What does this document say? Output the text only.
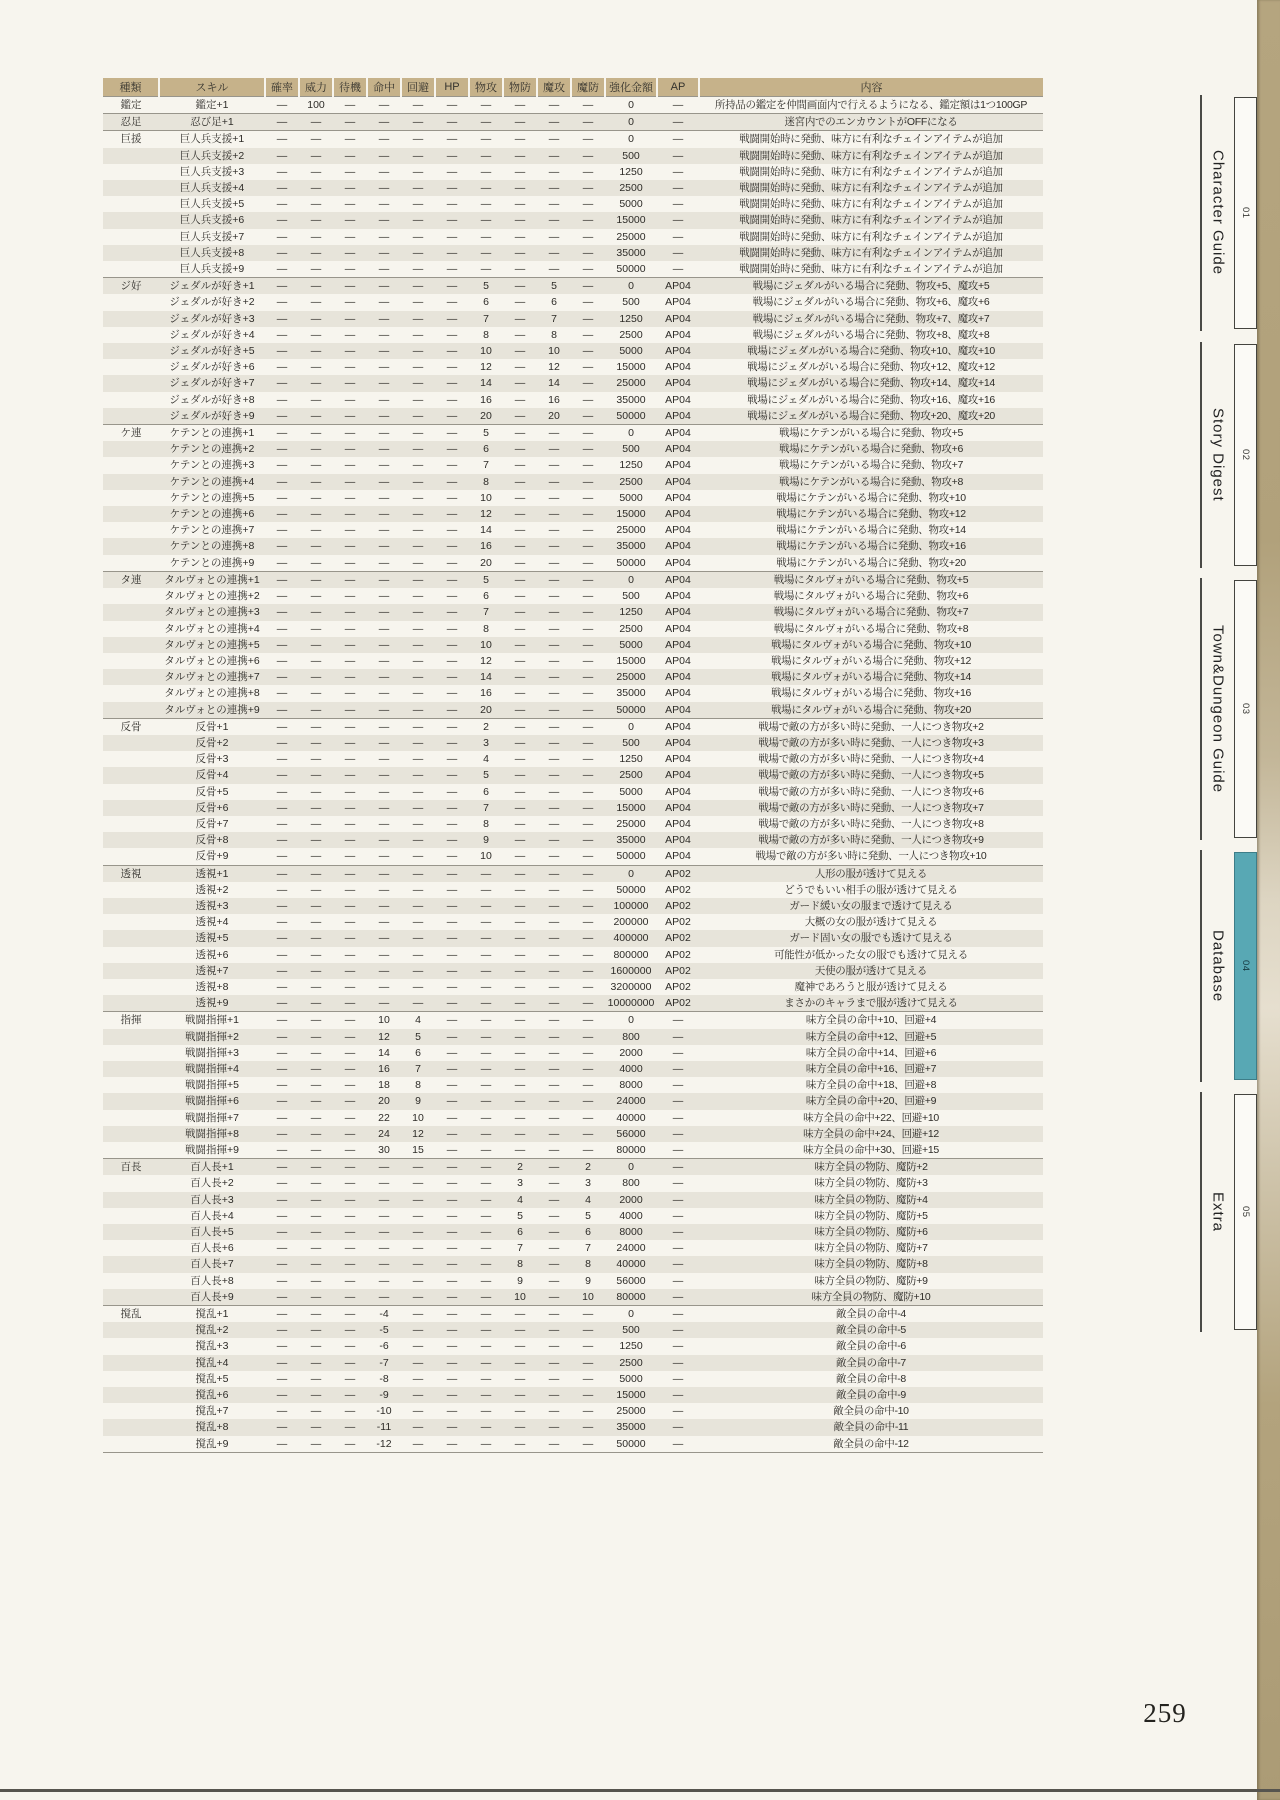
種類	スキル	確率	威力	待機	命中	回避	HP	物攻	物防	魔攻	魔防	強化金額	AP	内容
鑑定	鑑定+1	—	100	—	—	—	—	—	—	—	—	0	—	所持品の鑑定を仲間画面内で行えるようになる、鑑定額は1つ100GP
忍足	忍び足+1	—	—	—	—	—	—	—	—	—	—	0	—	迷宮内でのエンカウントがOFFになる
巨援	巨人兵支援+1	—	—	—	—	—	—	—	—	—	—	0	—	戦闘開始時に発動、味方に有利なチェインアイテムが追加
	巨人兵支援+2	—	—	—	—	—	—	—	—	—	—	500	—	戦闘開始時に発動、味方に有利なチェインアイテムが追加
	巨人兵支援+3	—	—	—	—	—	—	—	—	—	—	1250	—	戦闘開始時に発動、味方に有利なチェインアイテムが追加
	巨人兵支援+4	—	—	—	—	—	—	—	—	—	—	2500	—	戦闘開始時に発動、味方に有利なチェインアイテムが追加
	巨人兵支援+5	—	—	—	—	—	—	—	—	—	—	5000	—	戦闘開始時に発動、味方に有利なチェインアイテムが追加
	巨人兵支援+6	—	—	—	—	—	—	—	—	—	—	15000	—	戦闘開始時に発動、味方に有利なチェインアイテムが追加
	巨人兵支援+7	—	—	—	—	—	—	—	—	—	—	25000	—	戦闘開始時に発動、味方に有利なチェインアイテムが追加
	巨人兵支援+8	—	—	—	—	—	—	—	—	—	—	35000	—	戦闘開始時に発動、味方に有利なチェインアイテムが追加
	巨人兵支援+9	—	—	—	—	—	—	—	—	—	—	50000	—	戦闘開始時に発動、味方に有利なチェインアイテムが追加
ジ好	ジェダルが好き+1	—	—	—	—	—	—	5	—	5	—	0	AP04	戦場にジェダルがいる場合に発動、物攻+5、魔攻+5
	ジェダルが好き+2	—	—	—	—	—	—	6	—	6	—	500	AP04	戦場にジェダルがいる場合に発動、物攻+6、魔攻+6
	ジェダルが好き+3	—	—	—	—	—	—	7	—	7	—	1250	AP04	戦場にジェダルがいる場合に発動、物攻+7、魔攻+7
	ジェダルが好き+4	—	—	—	—	—	—	8	—	8	—	2500	AP04	戦場にジェダルがいる場合に発動、物攻+8、魔攻+8
	ジェダルが好き+5	—	—	—	—	—	—	10	—	10	—	5000	AP04	戦場にジェダルがいる場合に発動、物攻+10、魔攻+10
	ジェダルが好き+6	—	—	—	—	—	—	12	—	12	—	15000	AP04	戦場にジェダルがいる場合に発動、物攻+12、魔攻+12
	ジェダルが好き+7	—	—	—	—	—	—	14	—	14	—	25000	AP04	戦場にジェダルがいる場合に発動、物攻+14、魔攻+14
	ジェダルが好き+8	—	—	—	—	—	—	16	—	16	—	35000	AP04	戦場にジェダルがいる場合に発動、物攻+16、魔攻+16
	ジェダルが好き+9	—	—	—	—	—	—	20	—	20	—	50000	AP04	戦場にジェダルがいる場合に発動、物攻+20、魔攻+20
ケ連	ケテンとの連携+1	—	—	—	—	—	—	5	—	—	—	0	AP04	戦場にケテンがいる場合に発動、物攻+5
	ケテンとの連携+2	—	—	—	—	—	—	6	—	—	—	500	AP04	戦場にケテンがいる場合に発動、物攻+6
	ケテンとの連携+3	—	—	—	—	—	—	7	—	—	—	1250	AP04	戦場にケテンがいる場合に発動、物攻+7
	ケテンとの連携+4	—	—	—	—	—	—	8	—	—	—	2500	AP04	戦場にケテンがいる場合に発動、物攻+8
	ケテンとの連携+5	—	—	—	—	—	—	10	—	—	—	5000	AP04	戦場にケテンがいる場合に発動、物攻+10
	ケテンとの連携+6	—	—	—	—	—	—	12	—	—	—	15000	AP04	戦場にケテンがいる場合に発動、物攻+12
	ケテンとの連携+7	—	—	—	—	—	—	14	—	—	—	25000	AP04	戦場にケテンがいる場合に発動、物攻+14
	ケテンとの連携+8	—	—	—	—	—	—	16	—	—	—	35000	AP04	戦場にケテンがいる場合に発動、物攻+16
	ケテンとの連携+9	—	—	—	—	—	—	20	—	—	—	50000	AP04	戦場にケテンがいる場合に発動、物攻+20
タ連	タルヴォとの連携+1	—	—	—	—	—	—	5	—	—	—	0	AP04	戦場にタルヴォがいる場合に発動、物攻+5
	タルヴォとの連携+2	—	—	—	—	—	—	6	—	—	—	500	AP04	戦場にタルヴォがいる場合に発動、物攻+6
	タルヴォとの連携+3	—	—	—	—	—	—	7	—	—	—	1250	AP04	戦場にタルヴォがいる場合に発動、物攻+7
	タルヴォとの連携+4	—	—	—	—	—	—	8	—	—	—	2500	AP04	戦場にタルヴォがいる場合に発動、物攻+8
	タルヴォとの連携+5	—	—	—	—	—	—	10	—	—	—	5000	AP04	戦場にタルヴォがいる場合に発動、物攻+10
	タルヴォとの連携+6	—	—	—	—	—	—	12	—	—	—	15000	AP04	戦場にタルヴォがいる場合に発動、物攻+12
	タルヴォとの連携+7	—	—	—	—	—	—	14	—	—	—	25000	AP04	戦場にタルヴォがいる場合に発動、物攻+14
	タルヴォとの連携+8	—	—	—	—	—	—	16	—	—	—	35000	AP04	戦場にタルヴォがいる場合に発動、物攻+16
	タルヴォとの連携+9	—	—	—	—	—	—	20	—	—	—	50000	AP04	戦場にタルヴォがいる場合に発動、物攻+20
反骨	反骨+1	—	—	—	—	—	—	2	—	—	—	0	AP04	戦場で敵の方が多い時に発動、一人につき物攻+2
	反骨+2	—	—	—	—	—	—	3	—	—	—	500	AP04	戦場で敵の方が多い時に発動、一人につき物攻+3
	反骨+3	—	—	—	—	—	—	4	—	—	—	1250	AP04	戦場で敵の方が多い時に発動、一人につき物攻+4
	反骨+4	—	—	—	—	—	—	5	—	—	—	2500	AP04	戦場で敵の方が多い時に発動、一人につき物攻+5
	反骨+5	—	—	—	—	—	—	6	—	—	—	5000	AP04	戦場で敵の方が多い時に発動、一人につき物攻+6
	反骨+6	—	—	—	—	—	—	7	—	—	—	15000	AP04	戦場で敵の方が多い時に発動、一人につき物攻+7
	反骨+7	—	—	—	—	—	—	8	—	—	—	25000	AP04	戦場で敵の方が多い時に発動、一人につき物攻+8
	反骨+8	—	—	—	—	—	—	9	—	—	—	35000	AP04	戦場で敵の方が多い時に発動、一人につき物攻+9
	反骨+9	—	—	—	—	—	—	10	—	—	—	50000	AP04	戦場で敵の方が多い時に発動、一人につき物攻+10
透視	透視+1	—	—	—	—	—	—	—	—	—	—	0	AP02	人形の服が透けて見える
	透視+2	—	—	—	—	—	—	—	—	—	—	50000	AP02	どうでもいい相手の服が透けて見える
	透視+3	—	—	—	—	—	—	—	—	—	—	100000	AP02	ガード緩い女の服まで透けて見える
	透視+4	—	—	—	—	—	—	—	—	—	—	200000	AP02	大概の女の服が透けて見える
	透視+5	—	—	—	—	—	—	—	—	—	—	400000	AP02	ガード固い女の服でも透けて見える
	透視+6	—	—	—	—	—	—	—	—	—	—	800000	AP02	可能性が低かった女の服でも透けて見える
	透視+7	—	—	—	—	—	—	—	—	—	—	1600000	AP02	天使の服が透けて見える
	透視+8	—	—	—	—	—	—	—	—	—	—	3200000	AP02	魔神であろうと服が透けて見える
	透視+9	—	—	—	—	—	—	—	—	—	—	10000000	AP02	まさかのキャラまで服が透けて見える
指揮	戦闘指揮+1	—	—	—	10	4	—	—	—	—	—	0	—	味方全員の命中+10、回避+4
	戦闘指揮+2	—	—	—	12	5	—	—	—	—	—	800	—	味方全員の命中+12、回避+5
	戦闘指揮+3	—	—	—	14	6	—	—	—	—	—	2000	—	味方全員の命中+14、回避+6
	戦闘指揮+4	—	—	—	16	7	—	—	—	—	—	4000	—	味方全員の命中+16、回避+7
	戦闘指揮+5	—	—	—	18	8	—	—	—	—	—	8000	—	味方全員の命中+18、回避+8
	戦闘指揮+6	—	—	—	20	9	—	—	—	—	—	24000	—	味方全員の命中+20、回避+9
	戦闘指揮+7	—	—	—	22	10	—	—	—	—	—	40000	—	味方全員の命中+22、回避+10
	戦闘指揮+8	—	—	—	24	12	—	—	—	—	—	56000	—	味方全員の命中+24、回避+12
	戦闘指揮+9	—	—	—	30	15	—	—	—	—	—	80000	—	味方全員の命中+30、回避+15
百長	百人長+1	—	—	—	—	—	—	—	2	—	2	0	—	味方全員の物防、魔防+2
	百人長+2	—	—	—	—	—	—	—	3	—	3	800	—	味方全員の物防、魔防+3
	百人長+3	—	—	—	—	—	—	—	4	—	4	2000	—	味方全員の物防、魔防+4
	百人長+4	—	—	—	—	—	—	—	5	—	5	4000	—	味方全員の物防、魔防+5
	百人長+5	—	—	—	—	—	—	—	6	—	6	8000	—	味方全員の物防、魔防+6
	百人長+6	—	—	—	—	—	—	—	7	—	7	24000	—	味方全員の物防、魔防+7
	百人長+7	—	—	—	—	—	—	—	8	—	8	40000	—	味方全員の物防、魔防+8
	百人長+8	—	—	—	—	—	—	—	9	—	9	56000	—	味方全員の物防、魔防+9
	百人長+9	—	—	—	—	—	—	—	10	—	10	80000	—	味方全員の物防、魔防+10
撹乱	撹乱+1	—	—	—	-4	—	—	—	—	—	—	0	—	敵全員の命中-4
	撹乱+2	—	—	—	-5	—	—	—	—	—	—	500	—	敵全員の命中-5
	撹乱+3	—	—	—	-6	—	—	—	—	—	—	1250	—	敵全員の命中-6
	撹乱+4	—	—	—	-7	—	—	—	—	—	—	2500	—	敵全員の命中-7
	撹乱+5	—	—	—	-8	—	—	—	—	—	—	5000	—	敵全員の命中-8
	撹乱+6	—	—	—	-9	—	—	—	—	—	—	15000	—	敵全員の命中-9
	撹乱+7	—	—	—	-10	—	—	—	—	—	—	25000	—	敵全員の命中-10
	撹乱+8	—	—	—	-11	—	—	—	—	—	—	35000	—	敵全員の命中-11
	撹乱+9	—	—	—	-12	—	—	—	—	—	—	50000	—	敵全員の命中-12
Character Guide	01
Story Digest	02
Town&Dungeon Guide	03
Database	04
Extra	05
259
